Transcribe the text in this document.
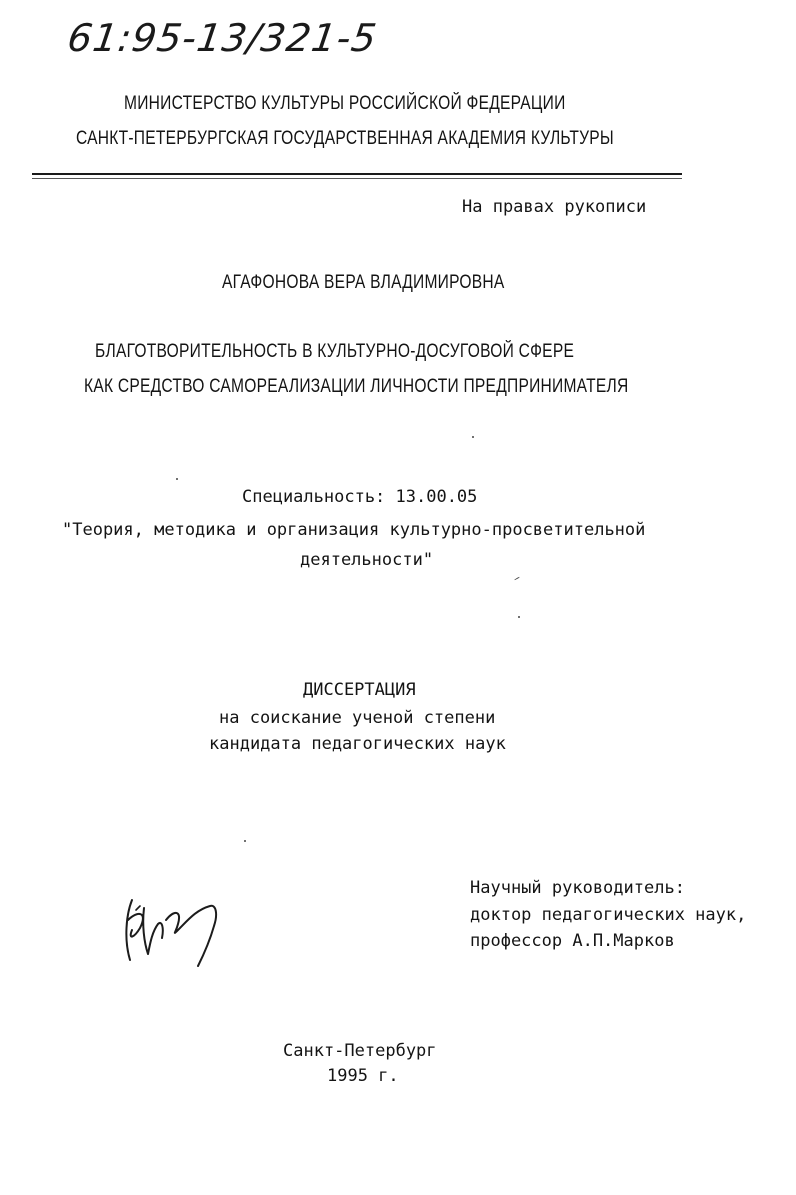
61:95-13/321-5
МИНИСТЕРСТВО КУЛЬТУРЫ РОССИЙСКОЙ ФЕДЕРАЦИИ
САНКТ-ПЕТЕРБУРГСКАЯ ГОСУДАРСТВЕННАЯ АКАДЕМИЯ КУЛЬТУРЫ
На правах рукописи
АГАФОНОВА ВЕРА ВЛАДИМИРОВНА
БЛАГОТВОРИТЕЛЬНОСТЬ В КУЛЬТУРНО-ДОСУГОВОЙ СФЕРЕ
КАК СРЕДСТВО САМОРЕАЛИЗАЦИИ ЛИЧНОСТИ ПРЕДПРИНИМАТЕЛЯ
Специальность: 13.00.05
"Теория, методика и организация культурно-просветительной
деятельности"
ДИССЕРТАЦИЯ
на соискание ученой степени
кандидата педагогических наук
Научный руководитель:
доктор педагогических наук,
профессор А.П.Марков
Санкт-Петербург
1995 г.
